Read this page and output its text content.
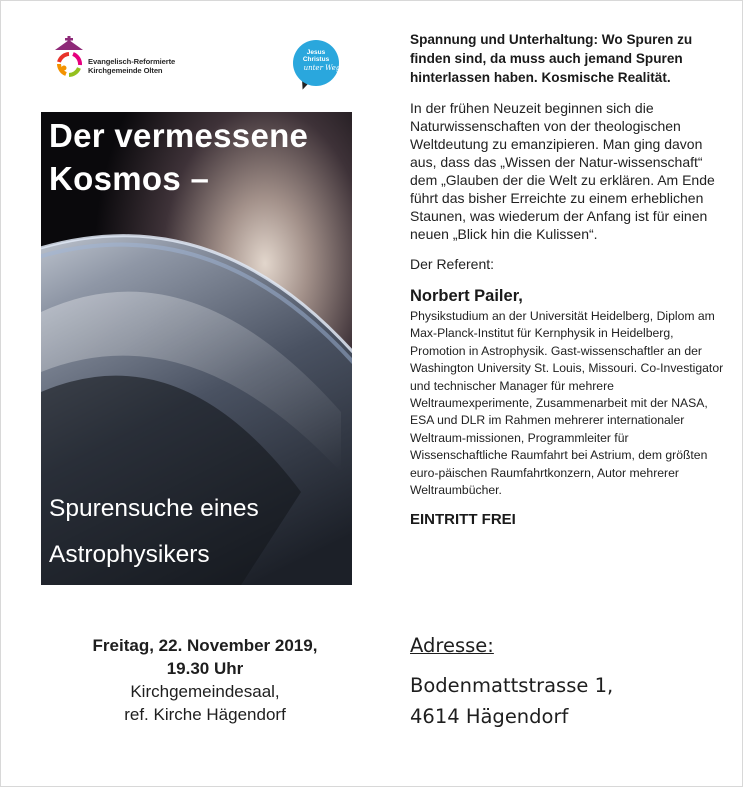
Evangelisch-Reformierte
Kirchgemeinde Olten
Jesus
Christus
unter Weg
Der vermessene
Kosmos –
Spurensuche eines
Astrophysikers

Spannung und Unterhaltung: Wo Spuren zu finden sind, da muss auch jemand Spuren hinterlassen haben. Kosmische Realität.

In der frühen Neuzeit beginnen sich die Naturwissenschaften von der theologischen Weltdeutung zu emanzipieren. Man ging davon aus, dass das „Wissen der Natur-wissenschaft“ dem „Glauben der die Welt zu erklären. Am Ende führt das bisher Erreichte zu einem erheblichen Staunen, was wiederum der Anfang ist für einen neuen „Blick hin die Kulissen“.

Der Referent:

Norbert Pailer,

Physikstudium an der Universität Heidelberg, Diplom am Max-Planck-Institut für Kernphysik in Heidelberg, Promotion in Astrophysik. Gast-wissenschaftler an der Washington University St. Louis, Missouri. Co-Investigator und technischer Manager für mehrere Weltraumexperimente, Zusammenarbeit mit der NASA, ESA und DLR im Rahmen mehrerer internationaler Weltraum-missionen, Programmleiter für Wissenschaftliche Raumfahrt bei Astrium, dem größten euro-päischen Raumfahrtkonzern, Autor mehrerer Weltraumbücher.

EINTRITT FREI

Freitag, 22. November 2019,
19.30 Uhr
Kirchgemeindesaal,
ref. Kirche Hägendorf
Adresse:
Bodenmattstrasse 1,
4614 Hägendorf
